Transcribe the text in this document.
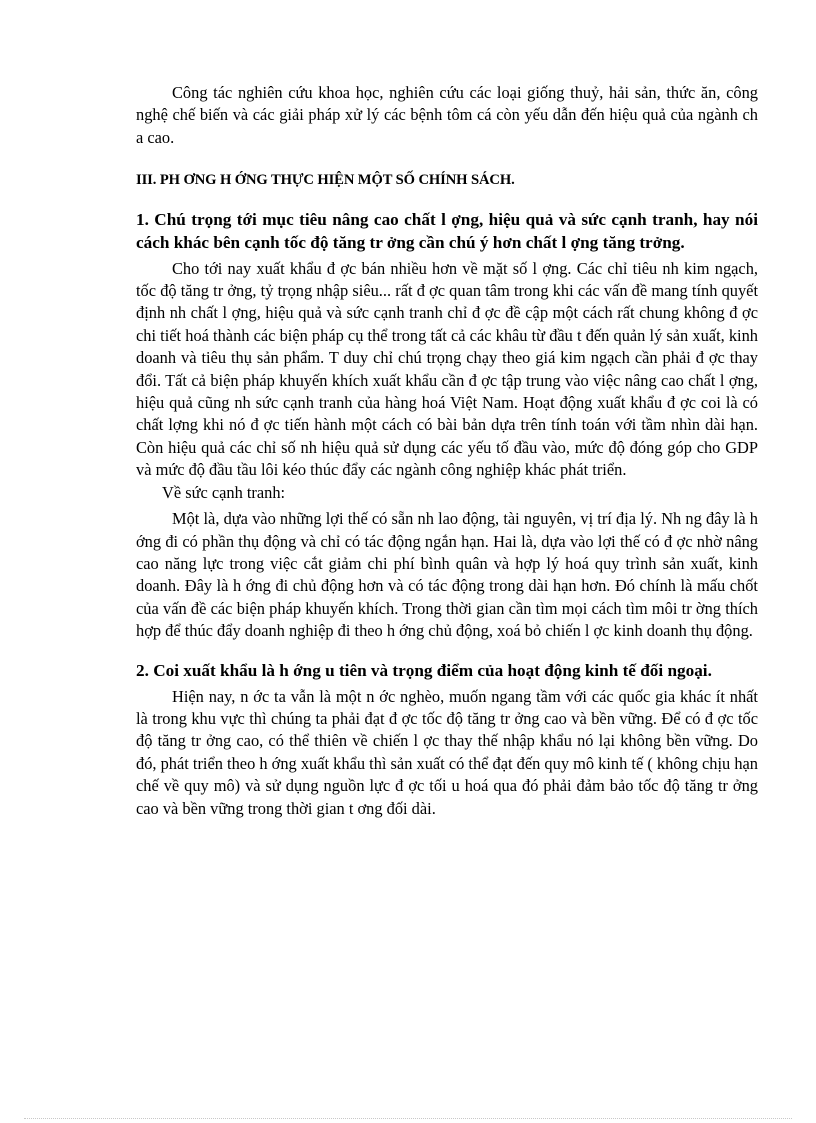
Công tác nghiên cứu khoa học, nghiên cứu các loại giống thuỷ, hải sản, thức ăn, công nghệ chế biến và các giải pháp xử lý các bệnh tôm cá còn yếu dẫn đến hiệu quả của ngành ch a cao.

III. PH ƠNG H ỚNG THỰC HIỆN MỘT SỐ CHÍNH SÁCH.

1. Chú trọng tới mục tiêu nâng cao chất l ợng, hiệu quả và sức cạnh tranh, hay nói cách khác bên cạnh tốc độ tăng tr ởng cần chú ý hơn chất l ợng tăng trởng.

Cho tới nay xuất khẩu đ ợc bán nhiều hơn về mặt số l ợng. Các chỉ tiêu nh kim ngạch, tốc độ tăng tr ởng, tỷ trọng nhập siêu... rất đ ợc quan tâm trong khi các vấn đề mang tính quyết định nh chất l ợng, hiệu quả và sức cạnh tranh chỉ đ ợc đề cập một cách rất chung không đ ợc chi tiết hoá thành các biện pháp cụ thể trong tất cả các khâu từ đầu t đến quản lý sản xuất, kinh doanh và tiêu thụ sản phẩm. T duy chỉ chú trọng chạy theo giá kim ngạch cần phải đ ợc thay đổi. Tất cả biện pháp khuyến khích xuất khẩu cần đ ợc tập trung vào việc nâng cao chất l ợng, hiệu quả cũng nh sức cạnh tranh của hàng hoá Việt Nam. Hoạt động xuất khẩu đ ợc coi là có chất lợng khi nó đ ợc tiến hành một cách có bài bản dựa trên tính toán với tầm nhìn dài hạn. Còn hiệu quả các chỉ số nh hiệu quả sử dụng các yếu tố đầu vào, mức độ đóng góp cho GDP và mức độ đầu tầu lôi kéo thúc đẩy các ngành công nghiệp khác phát triển.

Về sức cạnh tranh:

Một là, dựa vào những lợi thế có sẵn nh lao động, tài nguyên, vị trí địa lý. Nh ng đây là h ớng đi có phần thụ động và chỉ có tác động ngắn hạn. Hai là, dựa vào lợi thế có đ ợc nhờ nâng cao năng lực trong việc cắt giảm chi phí bình quân và hợp lý hoá quy trình sản xuất, kinh doanh. Đây là h ớng đi chủ động hơn và có tác động trong dài hạn hơn. Đó chính là mấu chốt của vấn đề các biện pháp khuyến khích. Trong thời gian cần tìm mọi cách tìm môi tr ờng thích hợp để thúc đẩy doanh nghiệp đi theo h ớng chủ động, xoá bỏ chiến l ợc kinh doanh thụ động.

2. Coi xuất khẩu là h ớng u tiên và trọng điểm của hoạt động kinh tế đối ngoại.

Hiện nay, n ớc ta vẫn là một n ớc nghèo, muốn ngang tầm với các quốc gia khác ít nhất là trong khu vực thì chúng ta phải đạt đ ợc tốc độ tăng tr ởng cao và bền vững. Để có đ ợc tốc độ tăng tr ởng cao, có thể thiên về chiến l ợc thay thế nhập khẩu nó lại không bền vững. Do đó, phát triển theo h ớng xuất khẩu thì sản xuất có thể đạt đến quy mô kinh tế ( không chịu hạn chế về quy mô) và sử dụng nguồn lực đ ợc tối u hoá qua đó phải đảm bảo tốc độ tăng tr ởng cao và bền vững trong thời gian t ơng đối dài.
